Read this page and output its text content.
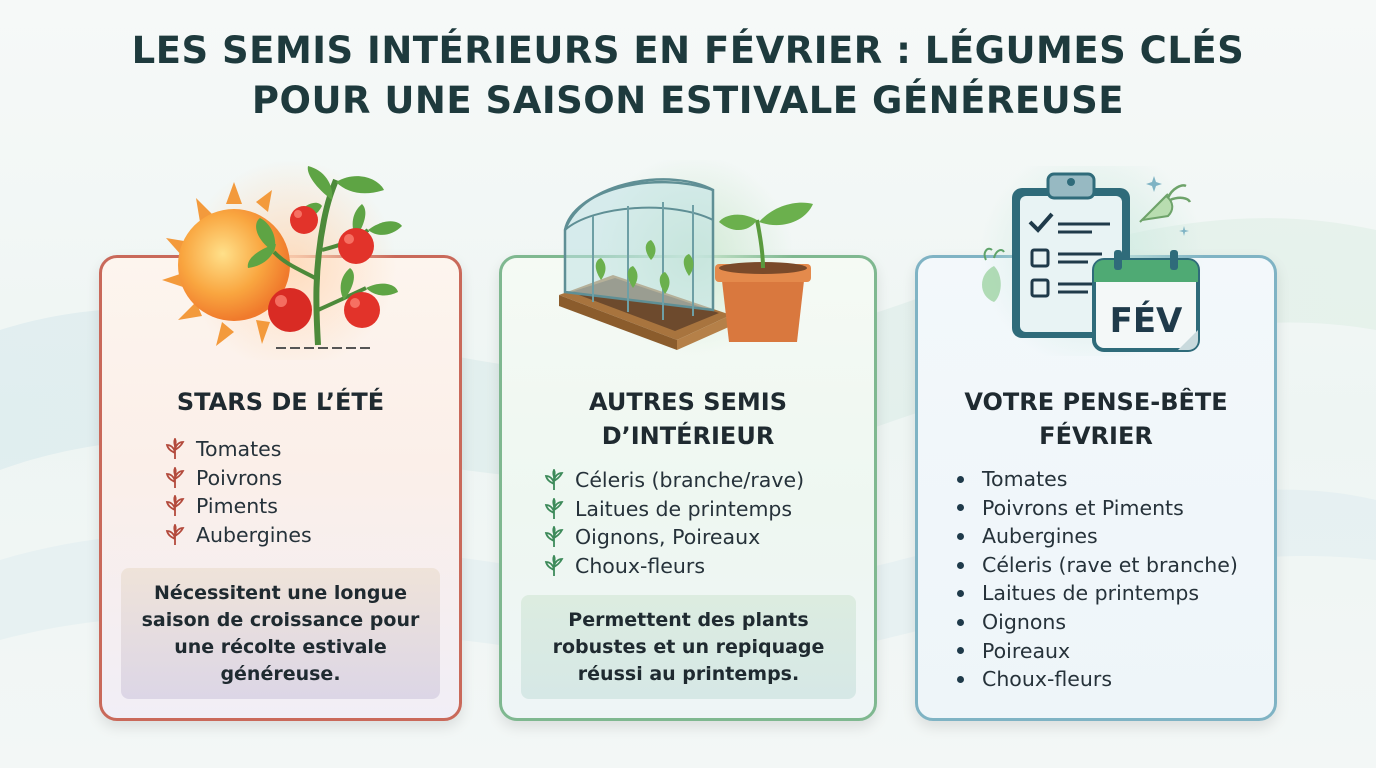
LES SEMIS INTÉRIEURS EN FÉVRIER : LÉGUMES CLÉS
POUR UNE SAISON ESTIVALE GÉNÉREUSE
STARS DE L’ÉTÉ
Tomates
Poivrons
Piments
Aubergines
Nécessitent une longue saison de croissance pour une récolte estivale généreuse.
AUTRES SEMIS
D’INTÉRIEUR
Céleris (branche/rave)
Laitues de printemps
Oignons, Poireaux
Choux-fleurs
Permettent des plants robustes et un repiquage réussi au printemps.
FÉV
VOTRE PENSE-BÊTE
FÉVRIER
Tomates
Poivrons et Piments
Aubergines
Céleris (rave et branche)
Laitues de printemps
Oignons
Poireaux
Choux-fleurs
